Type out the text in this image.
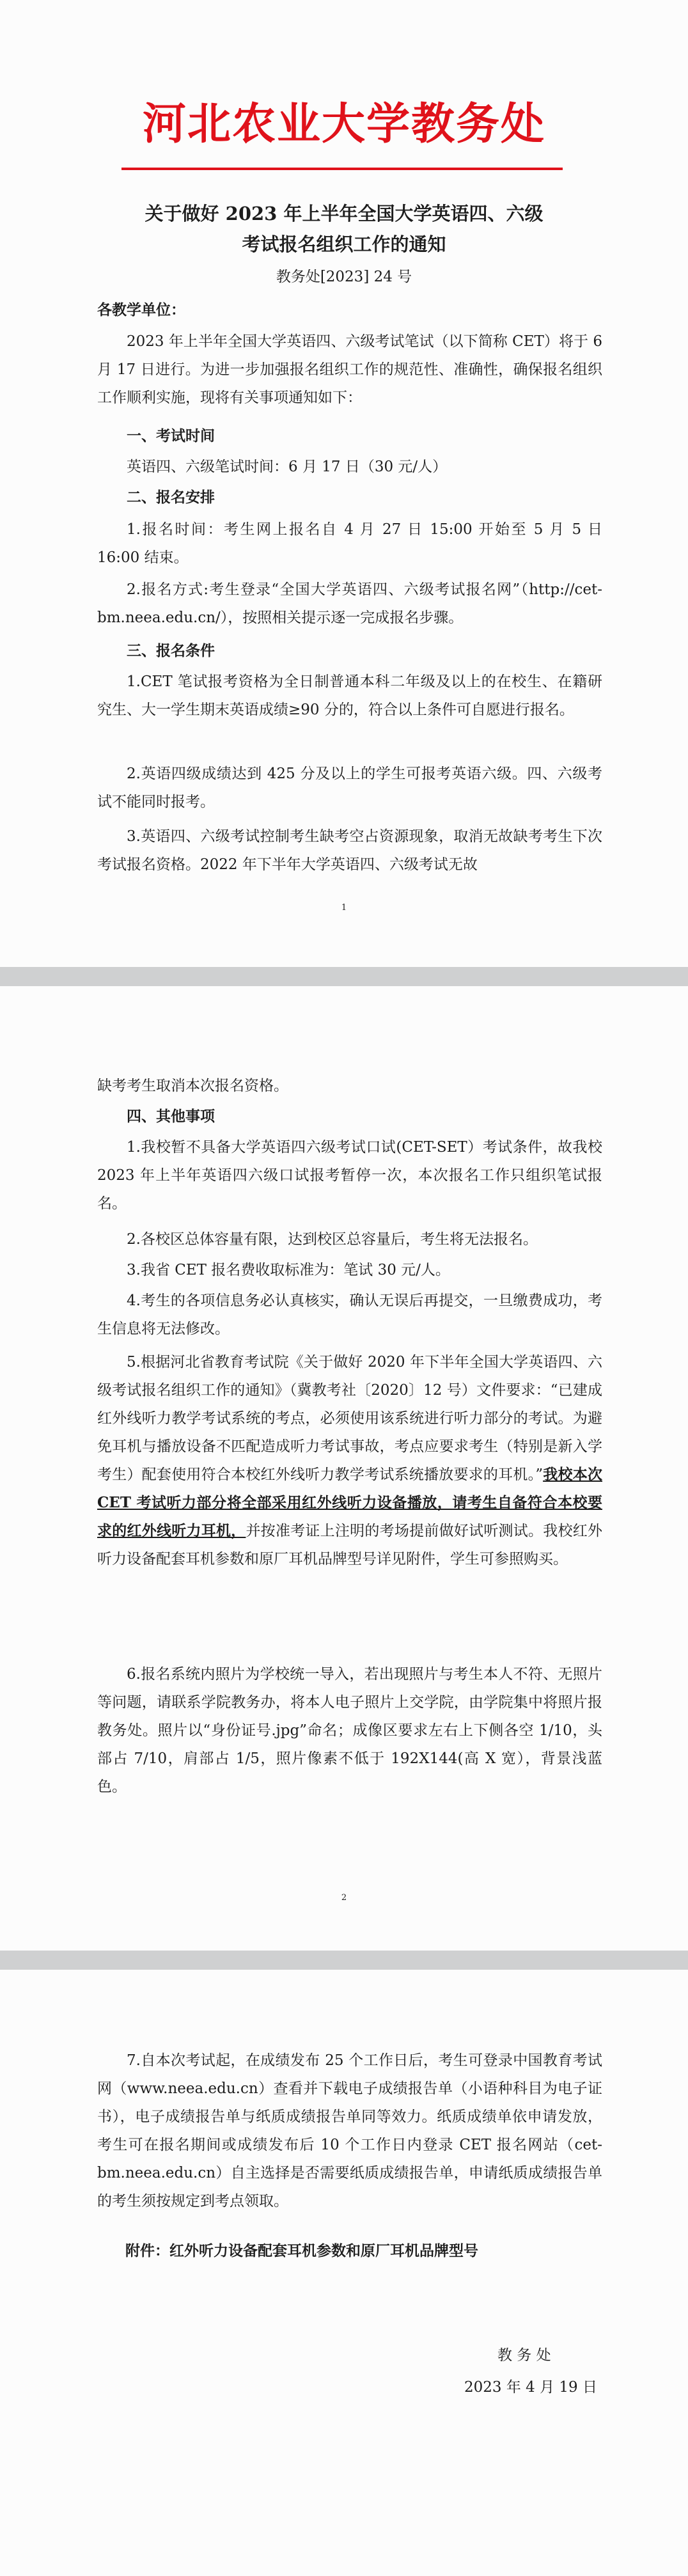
河北农业大学教务处
关于做好 2023 年上半年全国大学英语四、六级
考试报名组织工作的通知
教务处[2023] 24 号

各教学单位：

2023 年上半年全国大学英语四、六级考试笔试（以下简称 CET）将于 6 月 17 日进行。为进一步加强报名组织工作的规范性、准确性，确保报名组织工作顺利实施，现将有关事项通知如下：

一、考试时间

英语四、六级笔试时间：6 月 17 日（30 元/人）

二、报名安排

1.报名时间：考生网上报名自 4 月 27 日 15:00 开始至 5 月 5 日 16:00 结束。

2.报名方式:考生登录“全国大学英语四、六级考试报名网”（http://cet-bm.neea.edu.cn/），按照相关提示逐一完成报名步骤。

三、报名条件

1.CET 笔试报考资格为全日制普通本科二年级及以上的在校生、在籍研究生、大一学生期末英语成绩≥90 分的，符合以上条件可自愿进行报名。

2.英语四级成绩达到 425 分及以上的学生可报考英语六级。四、六级考试不能同时报考。

3.英语四、六级考试控制考生缺考空占资源现象，取消无故缺考考生下次考试报名资格。2022 年下半年大学英语四、六级考试无故

1

缺考考生取消本次报名资格。

四、其他事项

1.我校暂不具备大学英语四六级考试口试(CET-SET）考试条件，故我校 2023 年上半年英语四六级口试报考暂停一次，本次报名工作只组织笔试报名。

2.各校区总体容量有限，达到校区总容量后，考生将无法报名。

3.我省 CET 报名费收取标准为：笔试 30 元/人。

4.考生的各项信息务必认真核实，确认无误后再提交，一旦缴费成功，考生信息将无法修改。

5.根据河北省教育考试院《关于做好 2020 年下半年全国大学英语四、六级考试报名组织工作的通知》（冀教考社〔2020〕12 号）文件要求：“已建成红外线听力教学考试系统的考点，必须使用该系统进行听力部分的考试。为避免耳机与播放设备不匹配造成听力考试事故，考点应要求考生（特别是新入学考生）配套使用符合本校红外线听力教学考试系统播放要求的耳机。”我校本次 CET 考试听力部分将全部采用红外线听力设备播放，请考生自备符合本校要求的红外线听力耳机，并按准考证上注明的考场提前做好试听测试。我校红外听力设备配套耳机参数和原厂耳机品牌型号详见附件，学生可参照购买。

6.报名系统内照片为学校统一导入，若出现照片与考生本人不符、无照片等问题，请联系学院教务办，将本人电子照片上交学院，由学院集中将照片报教务处。照片以“身份证号.jpg”命名；成像区要求左右上下侧各空 1/10，头部占 7/10，肩部占 1/5，照片像素不低于 192X144(高 X 宽），背景浅蓝色。

2

7.自本次考试起，在成绩发布 25 个工作日后，考生可登录中国教育考试网（www.neea.edu.cn）查看并下载电子成绩报告单（小语种科目为电子证书），电子成绩报告单与纸质成绩报告单同等效力。纸质成绩单依申请发放，考生可在报名期间或成绩发布后 10 个工作日内登录 CET 报名网站（cet-bm.neea.edu.cn）自主选择是否需要纸质成绩报告单，申请纸质成绩报告单的考生须按规定到考点领取。

附件：红外听力设备配套耳机参数和原厂耳机品牌型号

教 务 处
2023 年 4 月 19 日
